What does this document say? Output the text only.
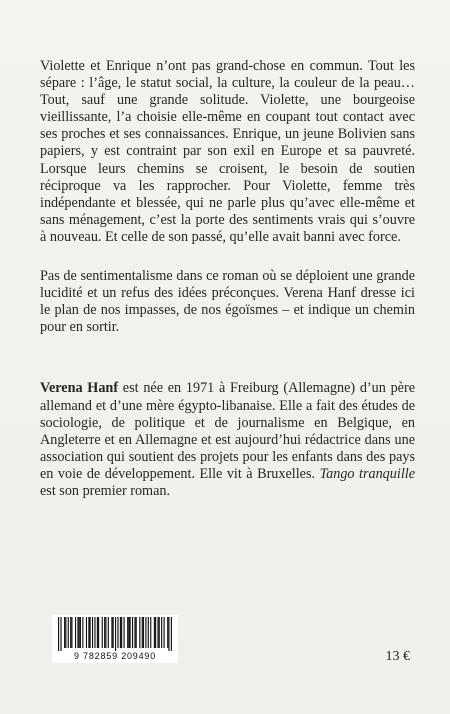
Violette et Enrique n’ont pas grand-chose en commun. Tout les sépare : l’âge, le statut social, la culture, la couleur de la peau… Tout, sauf une grande solitude. Violette, une bourgeoise vieillissante, l’a choisie elle-même en coupant tout contact avec ses proches et ses connaissances. Enrique, un jeune Bolivien sans papiers, y est contraint par son exil en Europe et sa pauvreté. Lorsque leurs chemins se croisent, le besoin de soutien réciproque va les rapprocher. Pour Violette, femme très indépendante et blessée, qui ne parle plus qu’avec elle-même et sans ménagement, c’est la porte des sentiments vrais qui s’ouvre à nouveau. Et celle de son passé, qu’elle avait banni avec force.

Pas de sentimentalisme dans ce roman où se déploient une grande lucidité et un refus des idées préconçues. Verena Hanf dresse ici le plan de nos impasses, de nos égoïsmes – et indique un chemin pour en sortir.

Verena Hanf est née en 1971 à Freiburg (Allemagne) d’un père allemand et d’une mère égypto-libanaise. Elle a fait des études de sociologie, de politique et de journalisme en Belgique, en Angleterre et en Allemagne et est aujourd’hui rédactrice dans une association qui soutient des projets pour les enfants dans des pays en voie de développement. Elle vit à Bruxelles. Tango tranquille est son premier roman.

9 782859 209490	13 €
